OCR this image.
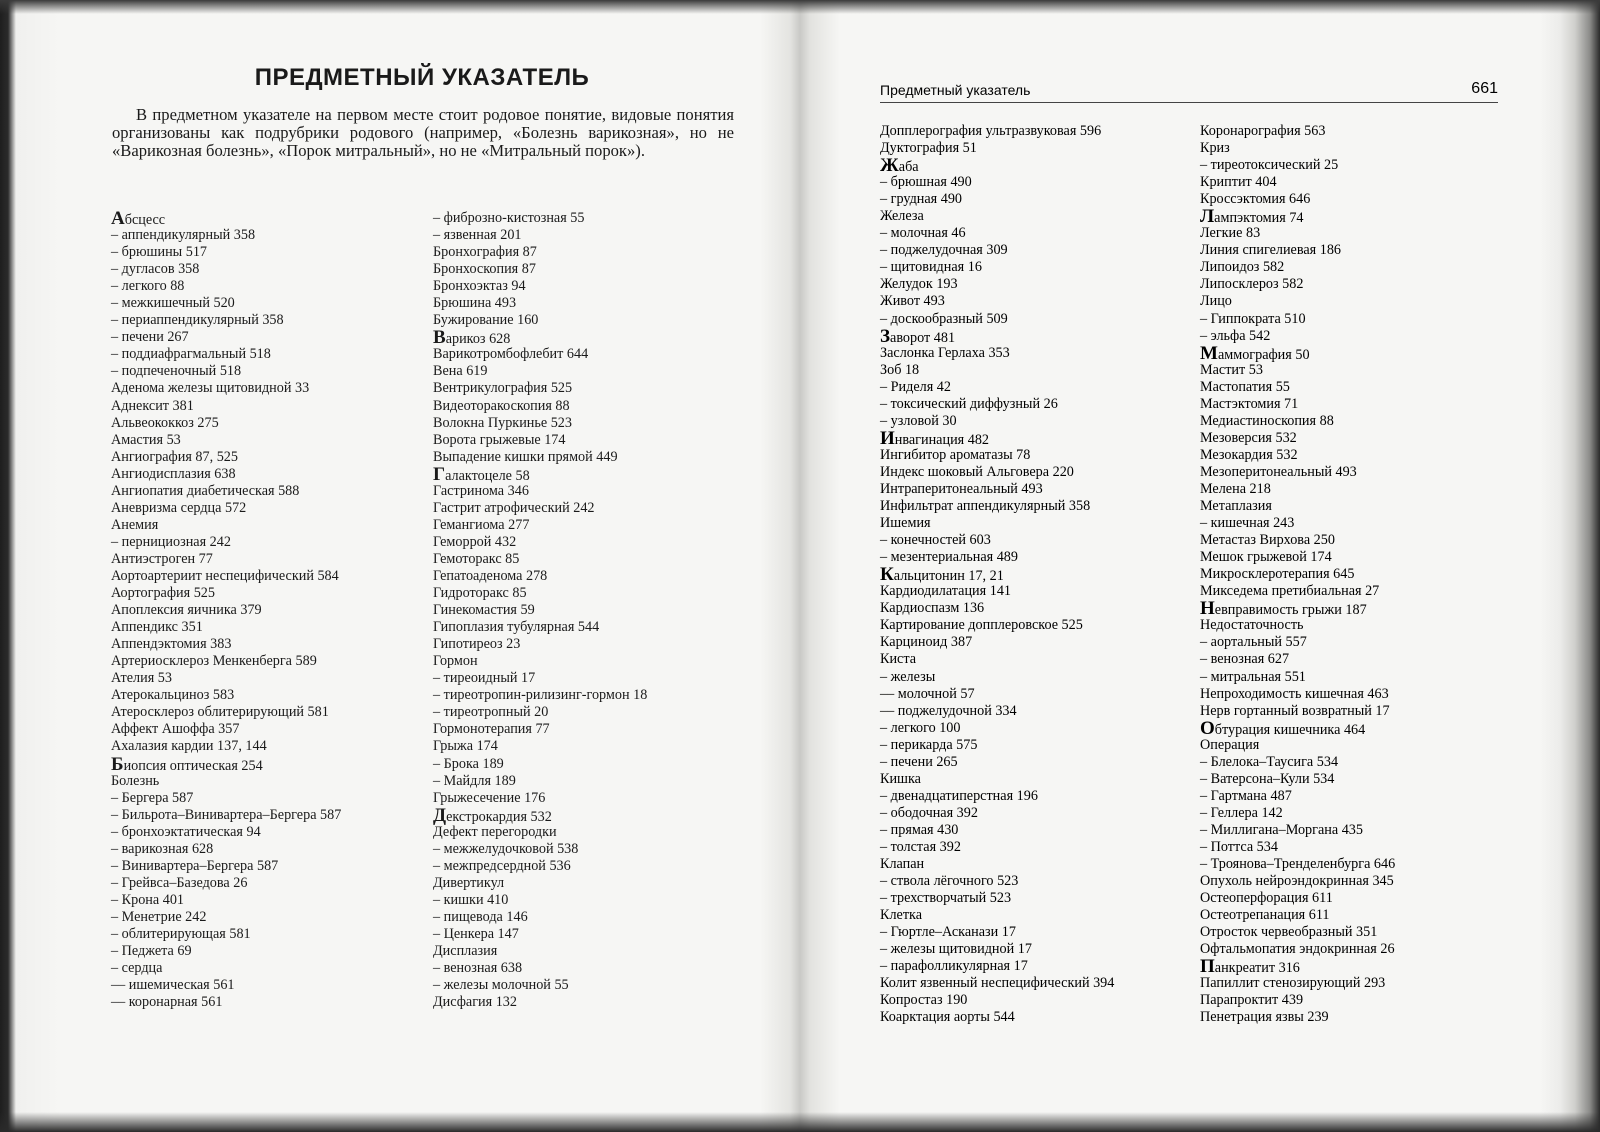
ПРЕДМЕТНЫЙ УКАЗАТЕЛЬ

В предметном указателе на первом месте стоит родовое понятие, видовые понятия организованы как подрубрики родового (например, «Болезнь варикозная», но не «Варикозная болезнь», «Порок митральный», но не «Митральный порок»).

Абсцесс
– аппендикулярный 358
– брюшины 517
– дугласов 358
– легкого 88
– межкишечный 520
– периаппендикулярный 358
– печени 267
– поддиафрагмальный 518
– подпеченочный 518
Аденома железы щитовидной 33
Аднексит 381
Альвеококкоз 275
Амастия 53
Ангиография 87, 525
Ангиодисплазия 638
Ангиопатия диабетическая 588
Аневризма сердца 572
Анемия
– пернициозная 242
Антиэстроген 77
Аортоартериит неспецифический 584
Аортография 525
Апоплексия яичника 379
Аппендикс 351
Аппендэктомия 383
Артериосклероз Менкенберга 589
Ателия 53
Атерокальциноз 583
Атеросклероз облитерирующий 581
Аффект Ашоффа 357
Ахалазия кардии 137, 144
Биопсия оптическая 254
Болезнь
– Бергера 587
– Бильрота–Винивартера–Бергера 587
– бронхоэктатическая 94
– варикозная 628
– Винивартера–Бергера 587
– Грейвса–Базедова 26
– Крона 401
– Менетрие 242
– облитерирующая 581
– Педжета 69
– сердца
–– ишемическая 561
–– коронарная 561
– фиброзно-кистозная 55
– язвенная 201
Бронхография 87
Бронхоскопия 87
Бронхоэктаз 94
Брюшина 493
Бужирование 160
Варикоз 628
Варикотромбофлебит 644
Вена 619
Вентрикулография 525
Видеоторакоскопия 88
Волокна Пуркинье 523
Ворота грыжевые 174
Выпадение кишки прямой 449
Галактоцеле 58
Гастринома 346
Гастрит атрофический 242
Гемангиома 277
Геморрой 432
Гемоторакс 85
Гепатоаденома 278
Гидроторакс 85
Гинекомастия 59
Гипоплазия тубулярная 544
Гипотиреоз 23
Гормон
– тиреоидный 17
– тиреотропин-рилизинг-гормон 18
– тиреотропный 20
Гормонотерапия 77
Грыжа 174
– Брока 189
– Майдля 189
Грыжесечение 176
Декстрокардия 532
Дефект перегородки
– межжелудочковой 538
– межпредсердной 536
Дивертикул
– кишки 410
– пищевода 146
– Ценкера 147
Дисплазия
– венозная 638
– железы молочной 55
Дисфагия 132
Предметный указатель	661
Допплерография ультразвуковая 596
Дуктография 51
Жаба
– брюшная 490
– грудная 490
Железа
– молочная 46
– поджелудочная 309
– щитовидная 16
Желудок 193
Живот 493
– доскообразный 509
Заворот 481
Заслонка Герлаха 353
Зоб 18
– Риделя 42
– токсический диффузный 26
– узловой 30
Инвагинация 482
Ингибитор ароматазы 78
Индекс шоковый Альговера 220
Интраперитонеальный 493
Инфильтрат аппендикулярный 358
Ишемия
– конечностей 603
– мезентериальная 489
Кальцитонин 17, 21
Кардиодилатация 141
Кардиоспазм 136
Картирование допплеровское 525
Карциноид 387
Киста
– железы
–– молочной 57
–– поджелудочной 334
– легкого 100
– перикарда 575
– печени 265
Кишка
– двенадцатиперстная 196
– ободочная 392
– прямая 430
– толстая 392
Клапан
– ствола лёгочного 523
– трехстворчатый 523
Клетка
– Гюртле–Асканази 17
– железы щитовидной 17
– парафолликулярная 17
Колит язвенный неспецифический 394
Копростаз 190
Коарктация аорты 544
Коронарография 563
Криз
– тиреотоксический 25
Криптит 404
Кроссэктомия 646
Лампэктомия 74
Легкие 83
Линия спигелиевая 186
Липоидоз 582
Липосклероз 582
Лицо
– Гиппократа 510
– эльфа 542
Маммография 50
Мастит 53
Мастопатия 55
Мастэктомия 71
Медиастиноскопия 88
Мезоверсия 532
Мезокардия 532
Мезоперитонеальный 493
Мелена 218
Метаплазия
– кишечная 243
Метастаз Вирхова 250
Мешок грыжевой 174
Микросклеротерапия 645
Микседема претибиальная 27
Невправимость грыжи 187
Недостаточность
– аортальный 557
– венозная 627
– митральная 551
Непроходимость кишечная 463
Нерв гортанный возвратный 17
Обтурация кишечника 464
Операция
– Блелока–Таусига 534
– Ватерсона–Кули 534
– Гартмана 487
– Геллера 142
– Миллигана–Моргана 435
– Поттса 534
– Троянова–Тренделенбурга 646
Опухоль нейроэндокринная 345
Остеоперфорация 611
Остеотрепанация 611
Отросток червеобразный 351
Офтальмопатия эндокринная 26
Панкреатит 316
Папиллит стенозирующий 293
Парапроктит 439
Пенетрация язвы 239
